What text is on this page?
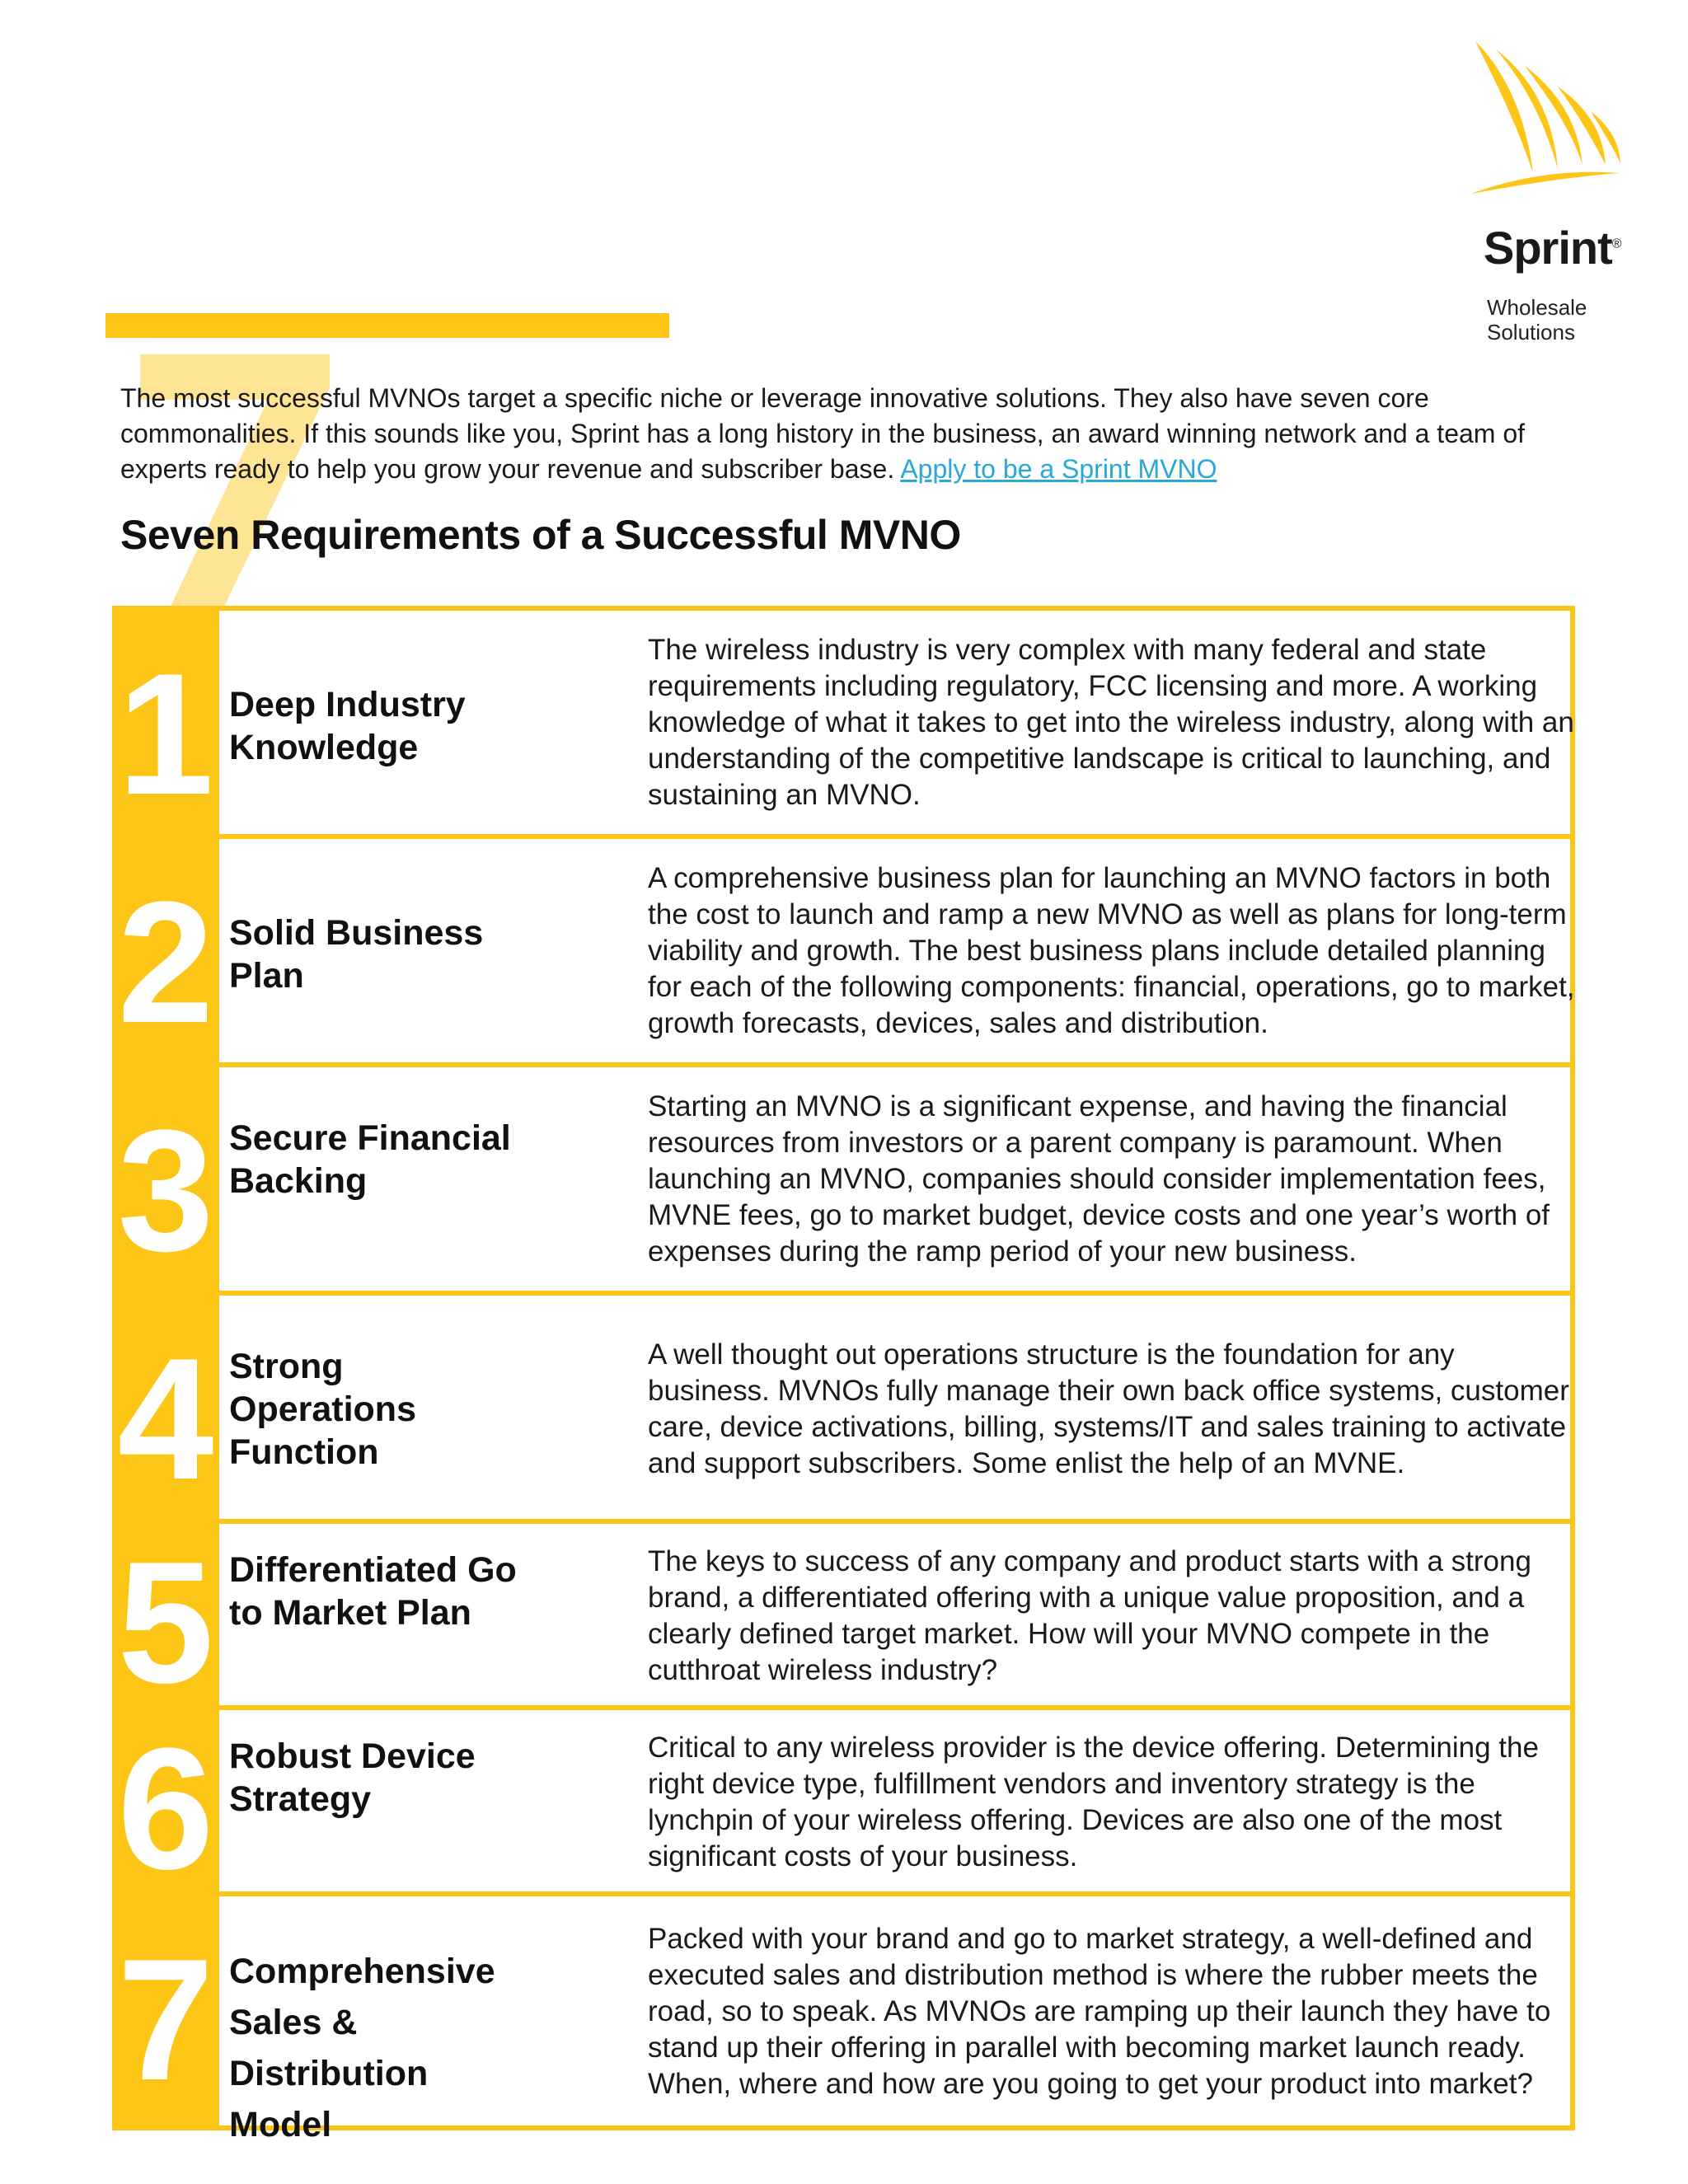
Sprint®
Wholesale
Solutions
The most successful MVNOs target a specific niche or leverage innovative solutions. They also have seven core commonalities. If this sounds like you, Sprint has a long history in the business, an award winning network and a team of experts ready to help you grow your revenue and subscriber base. Apply to be a Sprint MVNO
Seven Requirements of a Successful MVNO
1 Deep Industry Knowledge
The wireless industry is very complex with many federal and state requirements including regulatory, FCC licensing and more. A working knowledge of what it takes to get into the wireless industry, along with an understanding of the competitive landscape is critical to launching, and sustaining an MVNO.
2 Solid Business Plan
A comprehensive business plan for launching an MVNO factors in both the cost to launch and ramp a new MVNO as well as plans for long-term viability and growth. The best business plans include detailed planning for each of the following components: financial, operations, go to market, growth forecasts, devices, sales and distribution.
3 Secure Financial Backing
Starting an MVNO is a significant expense, and having the financial resources from investors or a parent company is paramount. When launching an MVNO, companies should consider implementation fees, MVNE fees, go to market budget, device costs and one year’s worth of expenses during the ramp period of your new business.
4 Strong Operations Function
A well thought out operations structure is the foundation for any business. MVNOs fully manage their own back office systems, customer care, device activations, billing, systems/IT and sales training to activate and support subscribers. Some enlist the help of an MVNE.
5 Differentiated Go to Market Plan
The keys to success of any company and product starts with a strong brand, a differentiated offering with a unique value proposition, and a clearly defined target market. How will your MVNO compete in the cutthroat wireless industry?
6 Robust Device Strategy
Critical to any wireless provider is the device offering. Determining the right device type, fulfillment vendors and inventory strategy is the lynchpin of your wireless offering. Devices are also one of the most significant costs of your business.
7 Comprehensive Sales & Distribution Model
Packed with your brand and go to market strategy, a well-defined and executed sales and distribution method is where the rubber meets the road, so to speak. As MVNOs are ramping up their launch they have to stand up their offering in parallel with becoming market launch ready. When, where and how are you going to get your product into market?
